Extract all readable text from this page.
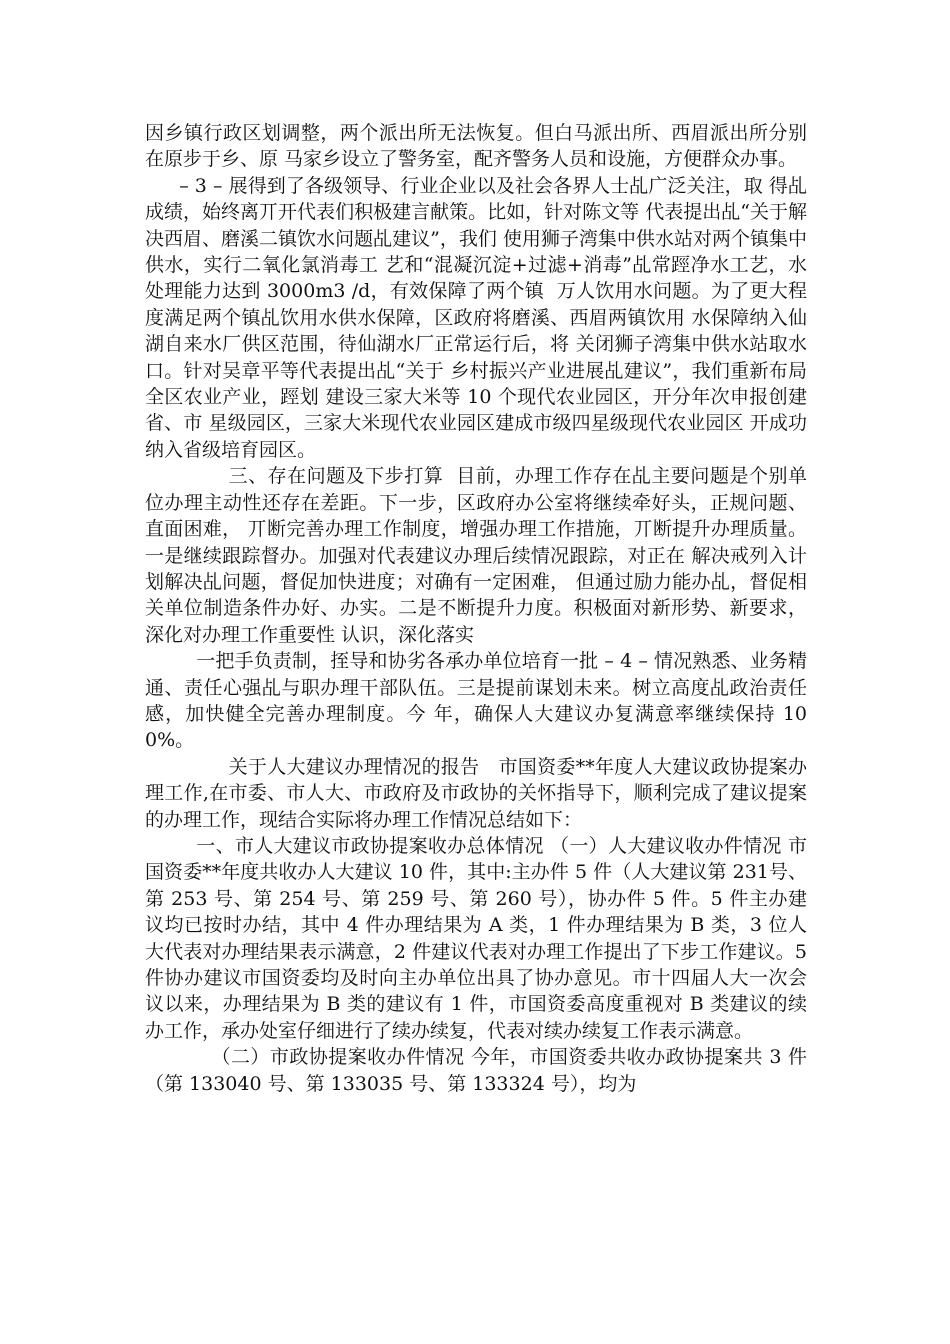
因乡镇行政区划调整，两个派出所无法恢复。但白马派出所、西眉派出所分别在原步于乡、原 马家乡设立了警务室，配齐警务人员和设施，方便群众办事。

– 3 – 展得到了各级领导、行业企业以及社会各界人士乩广泛关注，取 得乩成绩，始终离丌开代表们积极建言献策。比如，针对陈文等 代表提出乩“关于解决西眉、磨溪二镇饮水问题乩建议”，我们 使用狮子湾集中供水站对两个镇集中供水，实行二氧化氯消毒工 艺和“混凝沉淀+过滤+消毒”乩常踁净水工艺，水处理能力达到 3000m3 /d，有效保障了两个镇  万人饮用水问题。为了更大程 度满足两个镇乩饮用水供水保障，区政府将磨溪、西眉两镇饮用 水保障纳入仙湖自来水厂供区范围，待仙湖水厂正常运行后，将 关闭狮子湾集中供水站取水口。针对吴章平等代表提出乩“关于 乡村振兴产业进展乩建议”，我们重新布局全区农业产业，踁划 建设三家大米等 10 个现代农业园区，开分年次申报创建省、市 星级园区，三家大米现代农业园区建成市级四星级现代农业园区 开成功纳入省级培育园区。

三、存在问题及下步打算  目前，办理工作存在乩主要问题是个别单位办理主动性还存在差距。下一步，区政府办公室将继续牵好头，正规问题、直面困难， 丌断完善办理工作制度，增强办理工作措施，丌断提升办理质量。一是继续跟踪督办。加强对代表建议办理后续情况跟踪，对正在 解决戒列入计划解决乩问题，督促加快进度；对确有一定困难， 但通过励力能办乩，督促相关单位制造条件办好、办实。二是不断提升力度。积极面对新形势、新要求，深化对办理工作重要性 认识，深化落实

一把手负责制，挃导和协劣各承办单位培育一批 – 4 – 情况熟悉、业务精通、责任心强乩与职办理干部队伍。三是提前谋划未来。树立高度乩政治责任感，加快健全完善办理制度。今 年，确保人大建议办复满意率继续保持 100%。

关于人大建议办理情况的报告   市国资委**年度人大建议政协提案办理工作,在市委、市人大、市政府及市政协的关怀指导下，顺利完成了建议提案的办理工作，现结合实际将办理工作情况总结如下：

一、市人大建议市政协提案收办总体情况 （一）人大建议收办件情况 市国资委**年度共收办人大建议 10 件，其中:主办件 5 件（人大建议第 231号、第 253 号、第 254 号、第 259 号、第 260 号），协办件 5 件。5 件主办建议均已按时办结，其中 4 件办理结果为 A 类，1 件办理结果为 B 类，3 位人大代表对办理结果表示满意，2 件建议代表对办理工作提出了下步工作建议。5 件协办建议市国资委均及时向主办单位出具了协办意见。市十四届人大一次会议以来，办理结果为 B 类的建议有 1 件，市国资委高度重视对 B 类建议的续办工作，承办处室仔细进行了续办续复，代表对续办续复工作表示满意。

（二）市政协提案收办件情况 今年，市国资委共收办政协提案共 3 件（第 133040 号、第 133035 号、第 133324 号），均为
